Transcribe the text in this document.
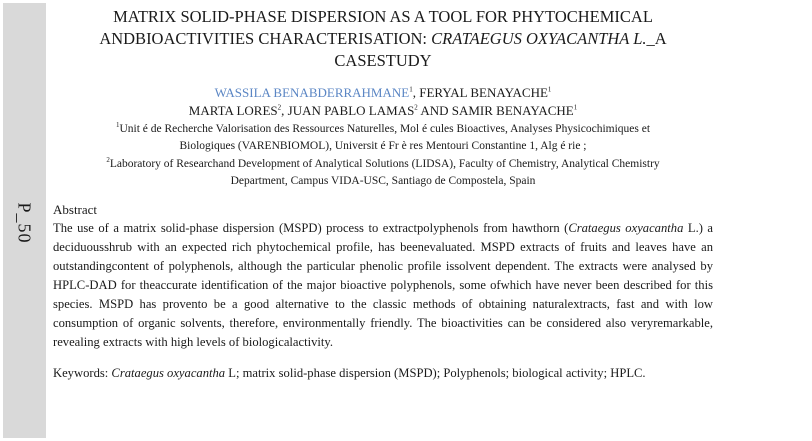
P_50
MATRIX SOLID-PHASE DISPERSION AS A TOOL FOR PHYTOCHEMICAL
ANDBIOACTIVITIES CHARACTERISATION: CRATAEGUS OXYACANTHA L._A
CASESTUDY
WASSILA BENABDERRAHMANE$^1$, FERYAL BENAYACHE$^1$
MARTA LORES$^2$, JUAN PABLO LAMAS$^2$ AND SAMIR BENAYACHE$^1$
$^1$Unit é de Recherche Valorisation des Ressources Naturelles, Mol é cules Bioactives, Analyses Physicochimiques et
Biologiques (VARENBIOMOL), Universit é Fr è res Mentouri Constantine 1, Alg é rie ;
$^2$Laboratory of Researchand Development of Analytical Solutions (LIDSA), Faculty of Chemistry, Analytical Chemistry
Department, Campus VIDA-USC, Santiago de Compostela, Spain
Abstract

The use of a matrix solid-phase dispersion (MSPD) process to extractpolyphenols from hawthorn (Crataegus oxyacantha L.) a deciduousshrub with an expected rich phytochemical profile, has beenevaluated. MSPD extracts of fruits and leaves have an outstandingcontent of polyphenols, although the particular phenolic profile issolvent dependent. The extracts were analysed by HPLC-DAD for theaccurate identification of the major bioactive polyphenols, some ofwhich have never been described for this species. MSPD has provento be a good alternative to the classic methods of obtaining naturalextracts, fast and with low consumption of organic solvents, therefore, environmentally friendly. The bioactivities can be considered also veryremarkable, revealing extracts with high levels of biologicalactivity.

Keywords: Crataegus oxyacantha L; matrix solid-phase dispersion (MSPD); Polyphenols; biological activity; HPLC.
